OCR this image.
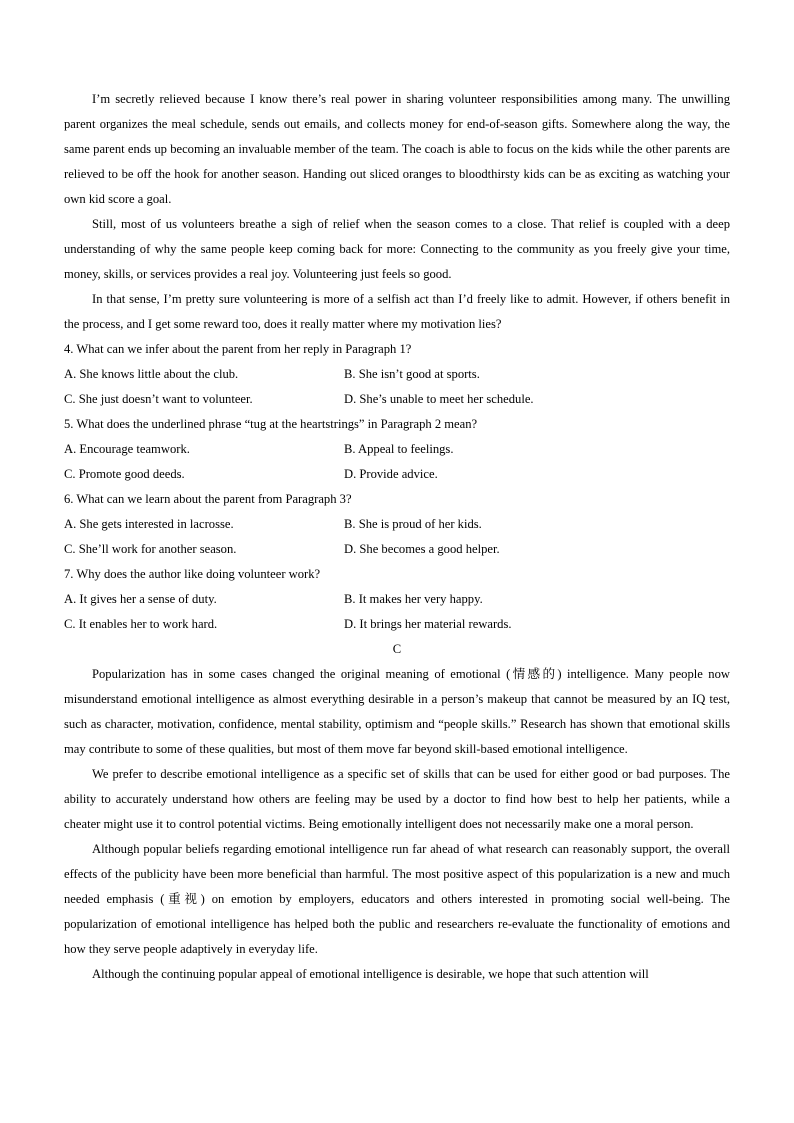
I’m secretly relieved because I know there’s real power in sharing volunteer responsibilities among many. The unwilling parent organizes the meal schedule, sends out emails, and collects money for end-of-season gifts. Somewhere along the way, the same parent ends up becoming an invaluable member of the team. The coach is able to focus on the kids while the other parents are relieved to be off the hook for another season. Handing out sliced oranges to bloodthirsty kids can be as exciting as watching your own kid score a goal.

Still, most of us volunteers breathe a sigh of relief when the season comes to a close. That relief is coupled with a deep understanding of why the same people keep coming back for more: Connecting to the community as you freely give your time, money, skills, or services provides a real joy. Volunteering just feels so good.

In that sense, I’m pretty sure volunteering is more of a selfish act than I’d freely like to admit. However, if others benefit in the process, and I get some reward too, does it really matter where my motivation lies?

4. What can we infer about the parent from her reply in Paragraph 1?

A. She knows little about the club.	B. She isn’t good at sports.
C. She just doesn’t want to volunteer.	D. She’s unable to meet her schedule.

5. What does the underlined phrase “tug at the heartstrings” in Paragraph 2 mean?

A. Encourage teamwork.	B. Appeal to feelings.
C. Promote good deeds.	D. Provide advice.

6. What can we learn about the parent from Paragraph 3?

A. She gets interested in lacrosse.	B. She is proud of her kids.
C. She’ll work for another season.	D. She becomes a good helper.

7. Why does the author like doing volunteer work?

A. It gives her a sense of duty.	B. It makes her very happy.
C. It enables her to work hard.	D. It brings her material rewards.

C

Popularization has in some cases changed the original meaning of emotional (情感的) intelligence. Many people now misunderstand emotional intelligence as almost everything desirable in a person’s makeup that cannot be measured by an IQ test, such as character, motivation, confidence, mental stability, optimism and “people skills.” Research has shown that emotional skills may contribute to some of these qualities, but most of them move far beyond skill-based emotional intelligence.

We prefer to describe emotional intelligence as a specific set of skills that can be used for either good or bad purposes. The ability to accurately understand how others are feeling may be used by a doctor to find how best to help her patients, while a cheater might use it to control potential victims. Being emotionally intelligent does not necessarily make one a moral person.

Although popular beliefs regarding emotional intelligence run far ahead of what research can reasonably support, the overall effects of the publicity have been more beneficial than harmful. The most positive aspect of this popularization is a new and much needed emphasis (重视) on emotion by employers, educators and others interested in promoting social well-being. The popularization of emotional intelligence has helped both the public and researchers re-evaluate the functionality of emotions and how they serve people adaptively in everyday life.

Although the continuing popular appeal of emotional intelligence is desirable, we hope that such attention will
